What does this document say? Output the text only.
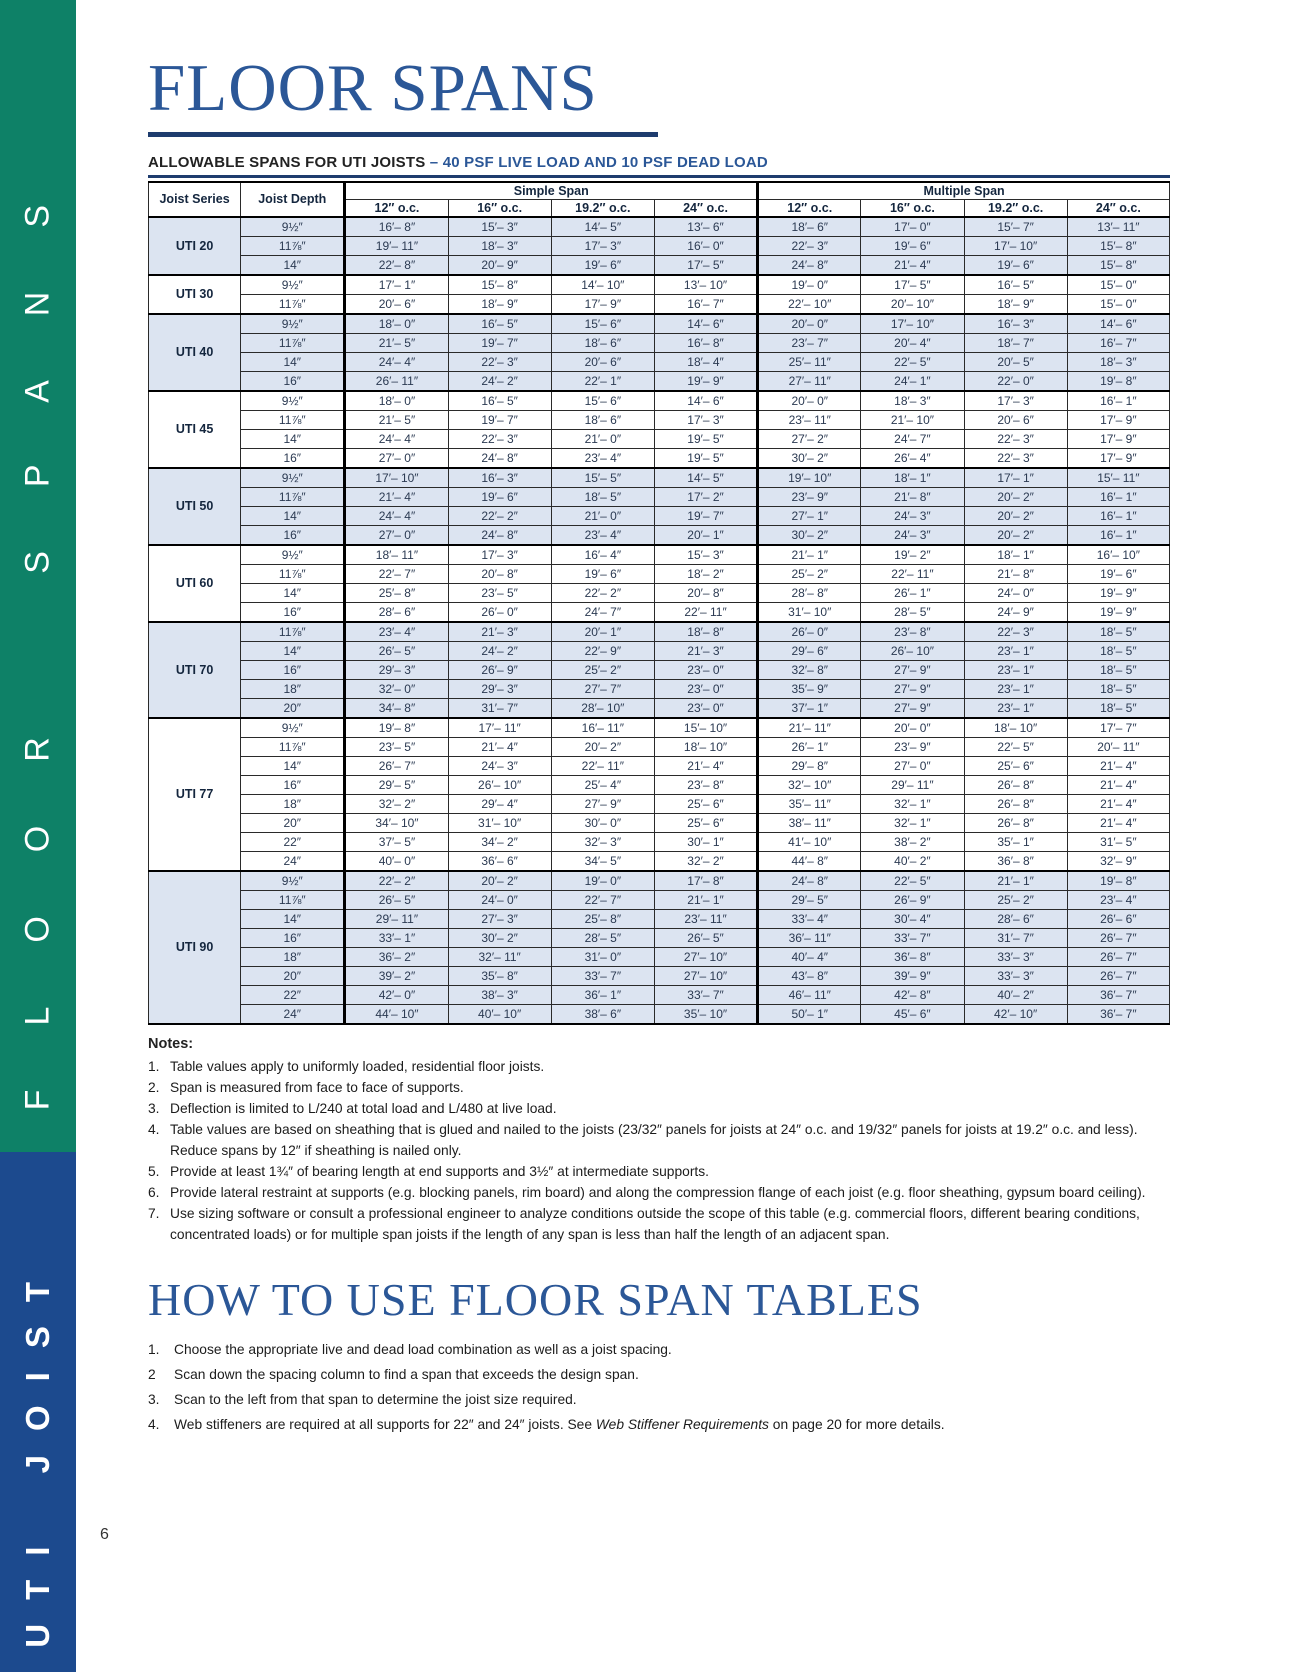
FLOOR SPANS
UTI JOIST	6
FLOOR SPANS
ALLOWABLE SPANS FOR UTI JOISTS – 40 PSF LIVE LOAD AND 10 PSF DEAD LOAD
Joist Series	Joist Depth	Simple Span				Multiple Span			
		12″ o.c.	16″ o.c.	19.2″ o.c.	24″ o.c.	12″ o.c.	16″ o.c.	19.2″ o.c.	24″ o.c.
UTI 20	9½″	16′– 8″	15′– 3″	14′– 5″	13′– 6″	18′– 6″	17′– 0″	15′– 7″	13′– 11″
	11⅞″	19′– 11″	18′– 3″	17′– 3″	16′– 0″	22′– 3″	19′– 6″	17′– 10″	15′– 8″
	14″	22′– 8″	20′– 9″	19′– 6″	17′– 5″	24′– 8″	21′– 4″	19′– 6″	15′– 8″
UTI 30	9½″	17′– 1″	15′– 8″	14′– 10″	13′– 10″	19′– 0″	17′– 5″	16′– 5″	15′– 0″
	11⅞″	20′– 6″	18′– 9″	17′– 9″	16′– 7″	22′– 10″	20′– 10″	18′– 9″	15′– 0″
UTI 40	9½″	18′– 0″	16′– 5″	15′– 6″	14′– 6″	20′– 0″	17′– 10″	16′– 3″	14′– 6″
	11⅞″	21′– 5″	19′– 7″	18′– 6″	16′– 8″	23′– 7″	20′– 4″	18′– 7″	16′– 7″
	14″	24′– 4″	22′– 3″	20′– 6″	18′– 4″	25′– 11″	22′– 5″	20′– 5″	18′– 3″
	16″	26′– 11″	24′– 2″	22′– 1″	19′– 9″	27′– 11″	24′– 1″	22′– 0″	19′– 8″
UTI 45	9½″	18′– 0″	16′– 5″	15′– 6″	14′– 6″	20′– 0″	18′– 3″	17′– 3″	16′– 1″
	11⅞″	21′– 5″	19′– 7″	18′– 6″	17′– 3″	23′– 11″	21′– 10″	20′– 6″	17′– 9″
	14″	24′– 4″	22′– 3″	21′– 0″	19′– 5″	27′– 2″	24′– 7″	22′– 3″	17′– 9″
	16″	27′– 0″	24′– 8″	23′– 4″	19′– 5″	30′– 2″	26′– 4″	22′– 3″	17′– 9″
UTI 50	9½″	17′– 10″	16′– 3″	15′– 5″	14′– 5″	19′– 10″	18′– 1″	17′– 1″	15′– 11″
	11⅞″	21′– 4″	19′– 6″	18′– 5″	17′– 2″	23′– 9″	21′– 8″	20′– 2″	16′– 1″
	14″	24′– 4″	22′– 2″	21′– 0″	19′– 7″	27′– 1″	24′– 3″	20′– 2″	16′– 1″
	16″	27′– 0″	24′– 8″	23′– 4″	20′– 1″	30′– 2″	24′– 3″	20′– 2″	16′– 1″
UTI 60	9½″	18′– 11″	17′– 3″	16′– 4″	15′– 3″	21′– 1″	19′– 2″	18′– 1″	16′– 10″
	11⅞″	22′– 7″	20′– 8″	19′– 6″	18′– 2″	25′– 2″	22′– 11″	21′– 8″	19′– 6″
	14″	25′– 8″	23′– 5″	22′– 2″	20′– 8″	28′– 8″	26′– 1″	24′– 0″	19′– 9″
	16″	28′– 6″	26′– 0″	24′– 7″	22′– 11″	31′– 10″	28′– 5″	24′– 9″	19′– 9″
UTI 70	11⅞″	23′– 4″	21′– 3″	20′– 1″	18′– 8″	26′– 0″	23′– 8″	22′– 3″	18′– 5″
	14″	26′– 5″	24′– 2″	22′– 9″	21′– 3″	29′– 6″	26′– 10″	23′– 1″	18′– 5″
	16″	29′– 3″	26′– 9″	25′– 2″	23′– 0″	32′– 8″	27′– 9″	23′– 1″	18′– 5″
	18″	32′– 0″	29′– 3″	27′– 7″	23′– 0″	35′– 9″	27′– 9″	23′– 1″	18′– 5″
	20″	34′– 8″	31′– 7″	28′– 10″	23′– 0″	37′– 1″	27′– 9″	23′– 1″	18′– 5″
UTI 77	9½″	19′– 8″	17′– 11″	16′– 11″	15′– 10″	21′– 11″	20′– 0″	18′– 10″	17′– 7″
	11⅞″	23′– 5″	21′– 4″	20′– 2″	18′– 10″	26′– 1″	23′– 9″	22′– 5″	20′– 11″
	14″	26′– 7″	24′– 3″	22′– 11″	21′– 4″	29′– 8″	27′– 0″	25′– 6″	21′– 4″
	16″	29′– 5″	26′– 10″	25′– 4″	23′– 8″	32′– 10″	29′– 11″	26′– 8″	21′– 4″
	18″	32′– 2″	29′– 4″	27′– 9″	25′– 6″	35′– 11″	32′– 1″	26′– 8″	21′– 4″
	20″	34′– 10″	31′– 10″	30′– 0″	25′– 6″	38′– 11″	32′– 1″	26′– 8″	21′– 4″
	22″	37′– 5″	34′– 2″	32′– 3″	30′– 1″	41′– 10″	38′– 2″	35′– 1″	31′– 5″
	24″	40′– 0″	36′– 6″	34′– 5″	32′– 2″	44′– 8″	40′– 2″	36′– 8″	32′– 9″
UTI 90	9½″	22′– 2″	20′– 2″	19′– 0″	17′– 8″	24′– 8″	22′– 5″	21′– 1″	19′– 8″
	11⅞″	26′– 5″	24′– 0″	22′– 7″	21′– 1″	29′– 5″	26′– 9″	25′– 2″	23′– 4″
	14″	29′– 11″	27′– 3″	25′– 8″	23′– 11″	33′– 4″	30′– 4″	28′– 6″	26′– 6″
	16″	33′– 1″	30′– 2″	28′– 5″	26′– 5″	36′– 11″	33′– 7″	31′– 7″	26′– 7″
	18″	36′– 2″	32′– 11″	31′– 0″	27′– 10″	40′– 4″	36′– 8″	33′– 3″	26′– 7″
	20″	39′– 2″	35′– 8″	33′– 7″	27′– 10″	43′– 8″	39′– 9″	33′– 3″	26′– 7″
	22″	42′– 0″	38′– 3″	36′– 1″	33′– 7″	46′– 11″	42′– 8″	40′– 2″	36′– 7″
	24″	44′– 10″	40′– 10″	38′– 6″	35′– 10″	50′– 1″	45′– 6″	42′– 10″	36′– 7″
Notes:
1. Table values apply to uniformly loaded, residential floor joists.
2. Span is measured from face to face of supports.
3. Deflection is limited to L/240 at total load and L/480 at live load.
4. Table values are based on sheathing that is glued and nailed to the joists (23/32″ panels for joists at 24″ o.c. and 19/32″ panels for joists at 19.2″ o.c. and less). Reduce spans by 12″ if sheathing is nailed only.
5. Provide at least 1¾″ of bearing length at end supports and 3½″ at intermediate supports.
6. Provide lateral restraint at supports (e.g. blocking panels, rim board) and along the compression flange of each joist (e.g. floor sheathing, gypsum board ceiling).
7. Use sizing software or consult a professional engineer to analyze conditions outside the scope of this table (e.g. commercial floors, different bearing conditions, concentrated loads) or for multiple span joists if the length of any span is less than half the length of an adjacent span.
HOW TO USE FLOOR SPAN TABLES
1.	Choose the appropriate live and dead load combination as well as a joist spacing.
2	Scan down the spacing column to find a span that exceeds the design span.
3.	Scan to the left from that span to determine the joist size required.
4.	Web stiffeners are required at all supports for 22″ and 24″ joists. See Web Stiffener Requirements on page 20 for more details.
